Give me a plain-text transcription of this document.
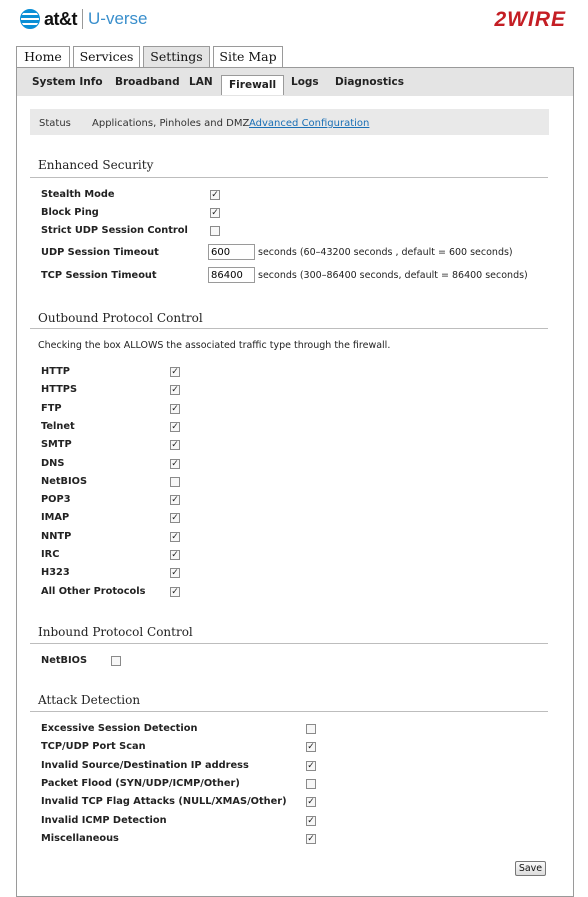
at&t U-verse	2WIRE
Home	Services	Settings	Site Map
System Info Broadband LAN	Firewall	Logs Diagnostics
Status Applications, Pinholes and DMZ Advanced Configuration
Enhanced Security
Stealth Mode	✓
Block Ping	✓
Strict UDP Session Control
UDP Session Timeout
600	seconds (60–43200 seconds , default = 600 seconds)
TCP Session Timeout
86400	seconds (300–86400 seconds, default = 86400 seconds)
Outbound Protocol Control
Checking the box ALLOWS the associated traffic type through the firewall.
HTTP	✓
HTTPS	✓
FTP	✓
Telnet	✓
SMTP	✓
DNS	✓
NetBIOS
POP3	✓
IMAP	✓
NNTP	✓
IRC	✓
H323	✓
All Other Protocols	✓
Inbound Protocol Control
NetBIOS
Attack Detection
Excessive Session Detection
TCP/UDP Port Scan	✓
Invalid Source/Destination IP address	✓
Packet Flood (SYN/UDP/ICMP/Other)
Invalid TCP Flag Attacks (NULL/XMAS/Other) ✓
Invalid ICMP Detection	✓
Miscellaneous	✓
Save
